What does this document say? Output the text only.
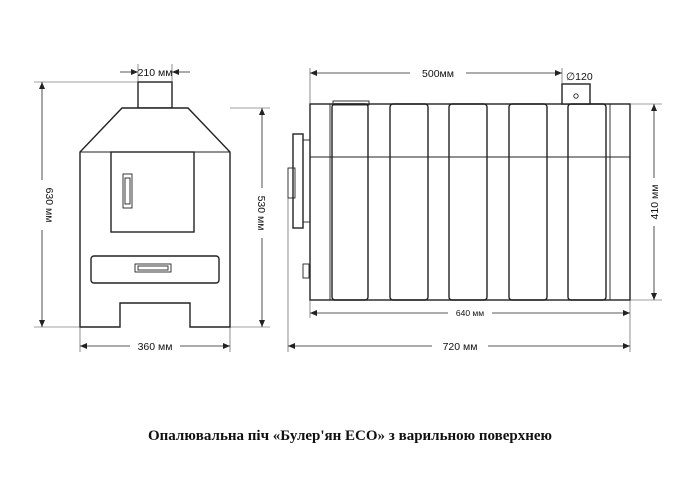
210 мм
630 мм	530 мм
360 мм
500мм	∅120
410 мм
640 мм
720 мм
Опалювальна піч «Булер'ян ECO» з варильною поверхнею
